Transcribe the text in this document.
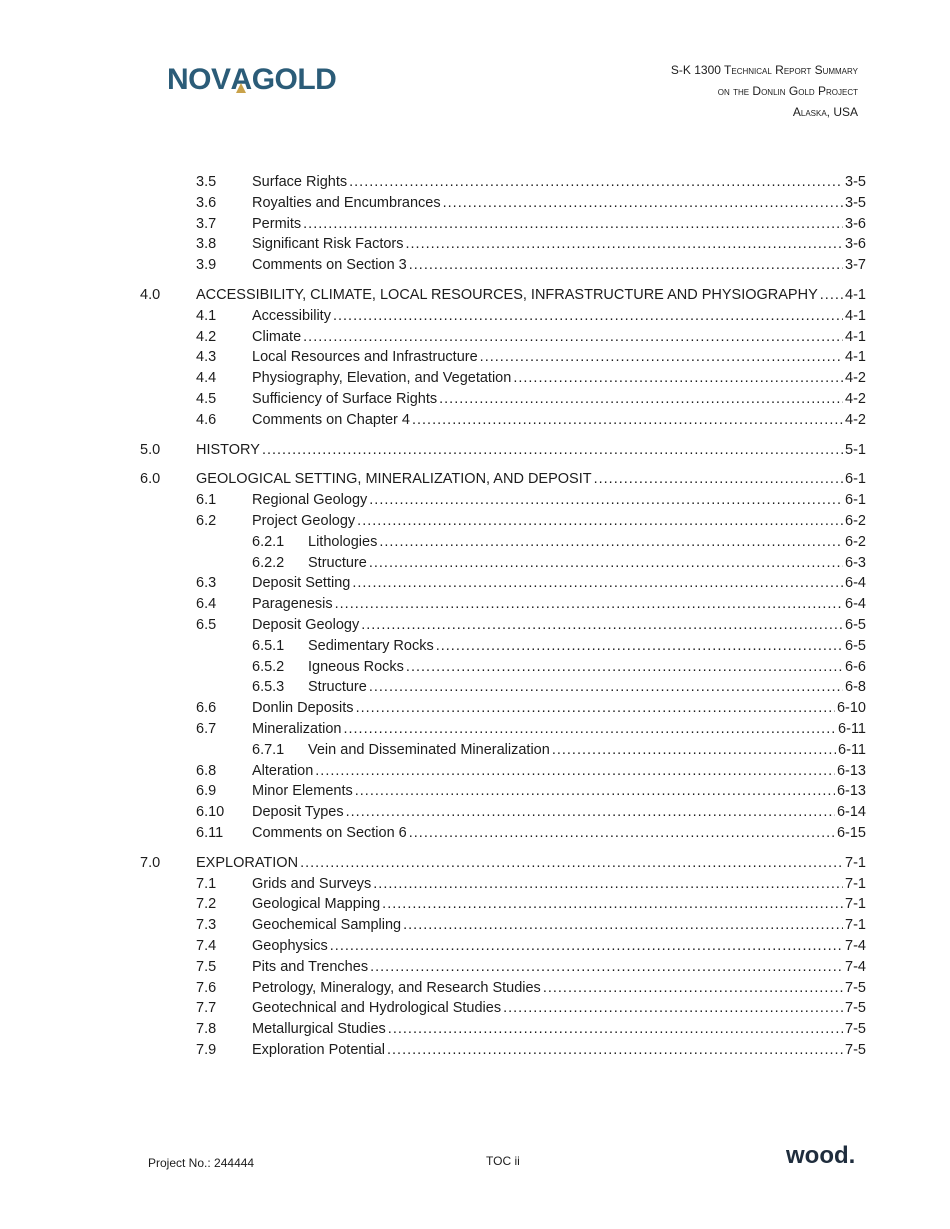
NOVA
GOLD	S-K 1300 Technical Report Summary
on the Donlin Gold Project
Alaska, USA
3.5 Surface Rights .....	3-5
3.6 Royalties and Encumbrances .....	3-5
3.7 Permits .....	3-6
3.8 Significant Risk Factors .....	3-6
3.9 Comments on Section 3 .....	3-7
4.0 ACCESSIBILITY, CLIMATE, LOCAL RESOURCES, INFRASTRUCTURE AND PHYSIOGRAPHY ..... 4-1
4.1 Accessibility .....	4-1
4.2 Climate .....	4-1
4.3 Local Resources and Infrastructure .....	4-1
4.4 Physiography, Elevation, and Vegetation .....	4-2
4.5 Sufficiency of Surface Rights .....	4-2
4.6 Comments on Chapter 4 .....	4-2
5.0 HISTORY .....	5-1
6.0 GEOLOGICAL SETTING, MINERALIZATION, AND DEPOSIT .....	6-1
6.1 Regional Geology .....	6-1
6.2 Project Geology .....	6-2
6.2.1 Lithologies .....	6-2
6.2.2 Structure .....	6-3
6.3 Deposit Setting .....	6-4
6.4 Paragenesis .....	6-4
6.5 Deposit Geology .....	6-5
6.5.1 Sedimentary Rocks .....	6-5
6.5.2 Igneous Rocks .....	6-6
6.5.3 Structure .....	6-8
6.6 Donlin Deposits .....	6-10
6.7 Mineralization .....	6-11
6.7.1 Vein and Disseminated Mineralization .....	6-11
6.8 Alteration .....	6-13
6.9 Minor Elements .....	6-13
6.10 Deposit Types .....	6-14
6.11 Comments on Section 6 .....	6-15
7.0 EXPLORATION .....	7-1
7.1 Grids and Surveys .....	7-1
7.2 Geological Mapping .....	7-1
7.3 Geochemical Sampling .....	7-1
7.4 Geophysics .....	7-4
7.5 Pits and Trenches .....	7-4
7.6 Petrology, Mineralogy, and Research Studies .....	7-5
7.7 Geotechnical and Hydrological Studies .....	7-5
7.8 Metallurgical Studies .....	7-5
7.9 Exploration Potential .....	7-5
Project No.: 244444	TOC ii	wood.
